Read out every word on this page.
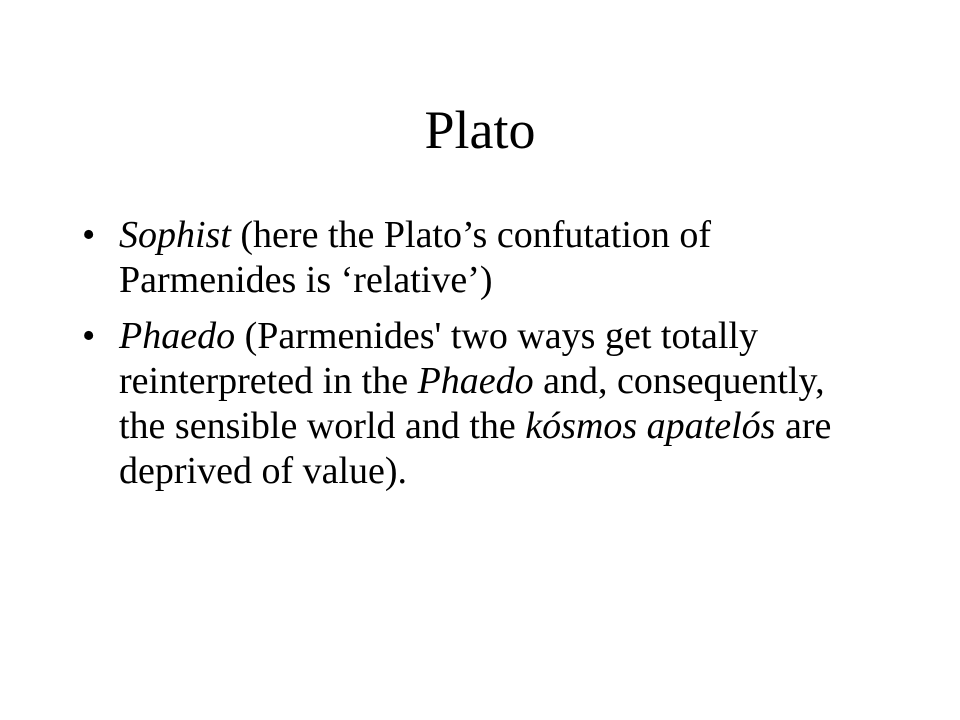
Plato
• Sophist (here the Plato’s confutation of Parmenides is ‘relative’)
• Phaedo (Parmenides' two ways get totally reinterpreted in the Phaedo and, consequently, the sensible world and the kósmos apatelós are deprived of value).
